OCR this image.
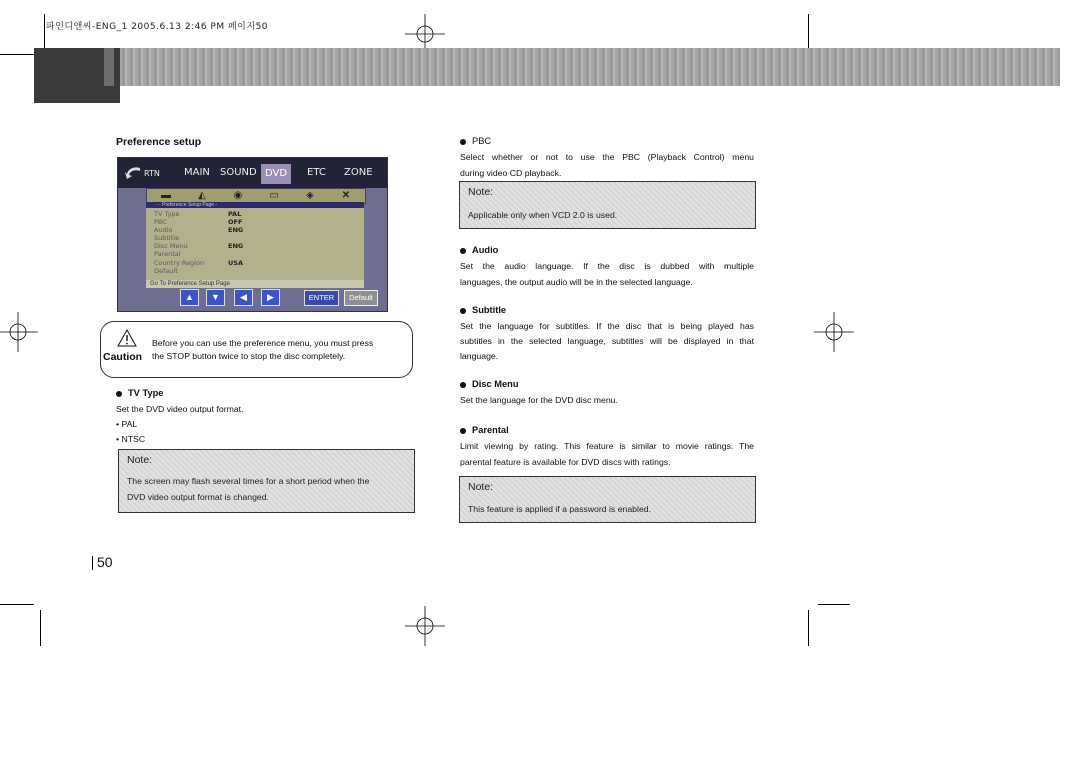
파인디앤씨-ENG_1 2005.6.13 2:46 PM 페이지50
Preference setup
RTN MAIN SOUND DVD	ETC ZONE
▬	◭	◉	▭	◈	✕
- - Preference Setup Page -
TV Type	PAL
PBC	OFF
Audio	ENG
Subtitle
Disc Menu	ENG
Parental
Country Region	USA
Default
Go To Preference Setup Page
▲	▼	◀	▶	ENTER	Default
Caution
Before you can use the preference menu, you must press
the STOP button twice to stop the disc completely.
TV Type
Set the DVD video output format.
• PAL
• NTSC
Note:
The screen may flash several times for a short period when the
DVD video output format is changed.
PBC
Select whether or not to use the PBC (Playback Control) menu
during video CD playback.
Note:
Applicable only when VCD 2.0 is used.
Audio
Set the audio language. If the disc is dubbed with multiple
languages, the output audio will be in the selected language.
Subtitle
Set the language for subtitles. If the disc that is being played has
subtitles in the selected language, subtitles will be displayed in that
language.
Disc Menu
Set the language for the DVD disc menu.
Parental
Limit viewing by rating. This feature is similar to movie ratings. The
parental feature is available for DVD discs with ratings.
Note:
This feature is applied if a password is enabled.
50
